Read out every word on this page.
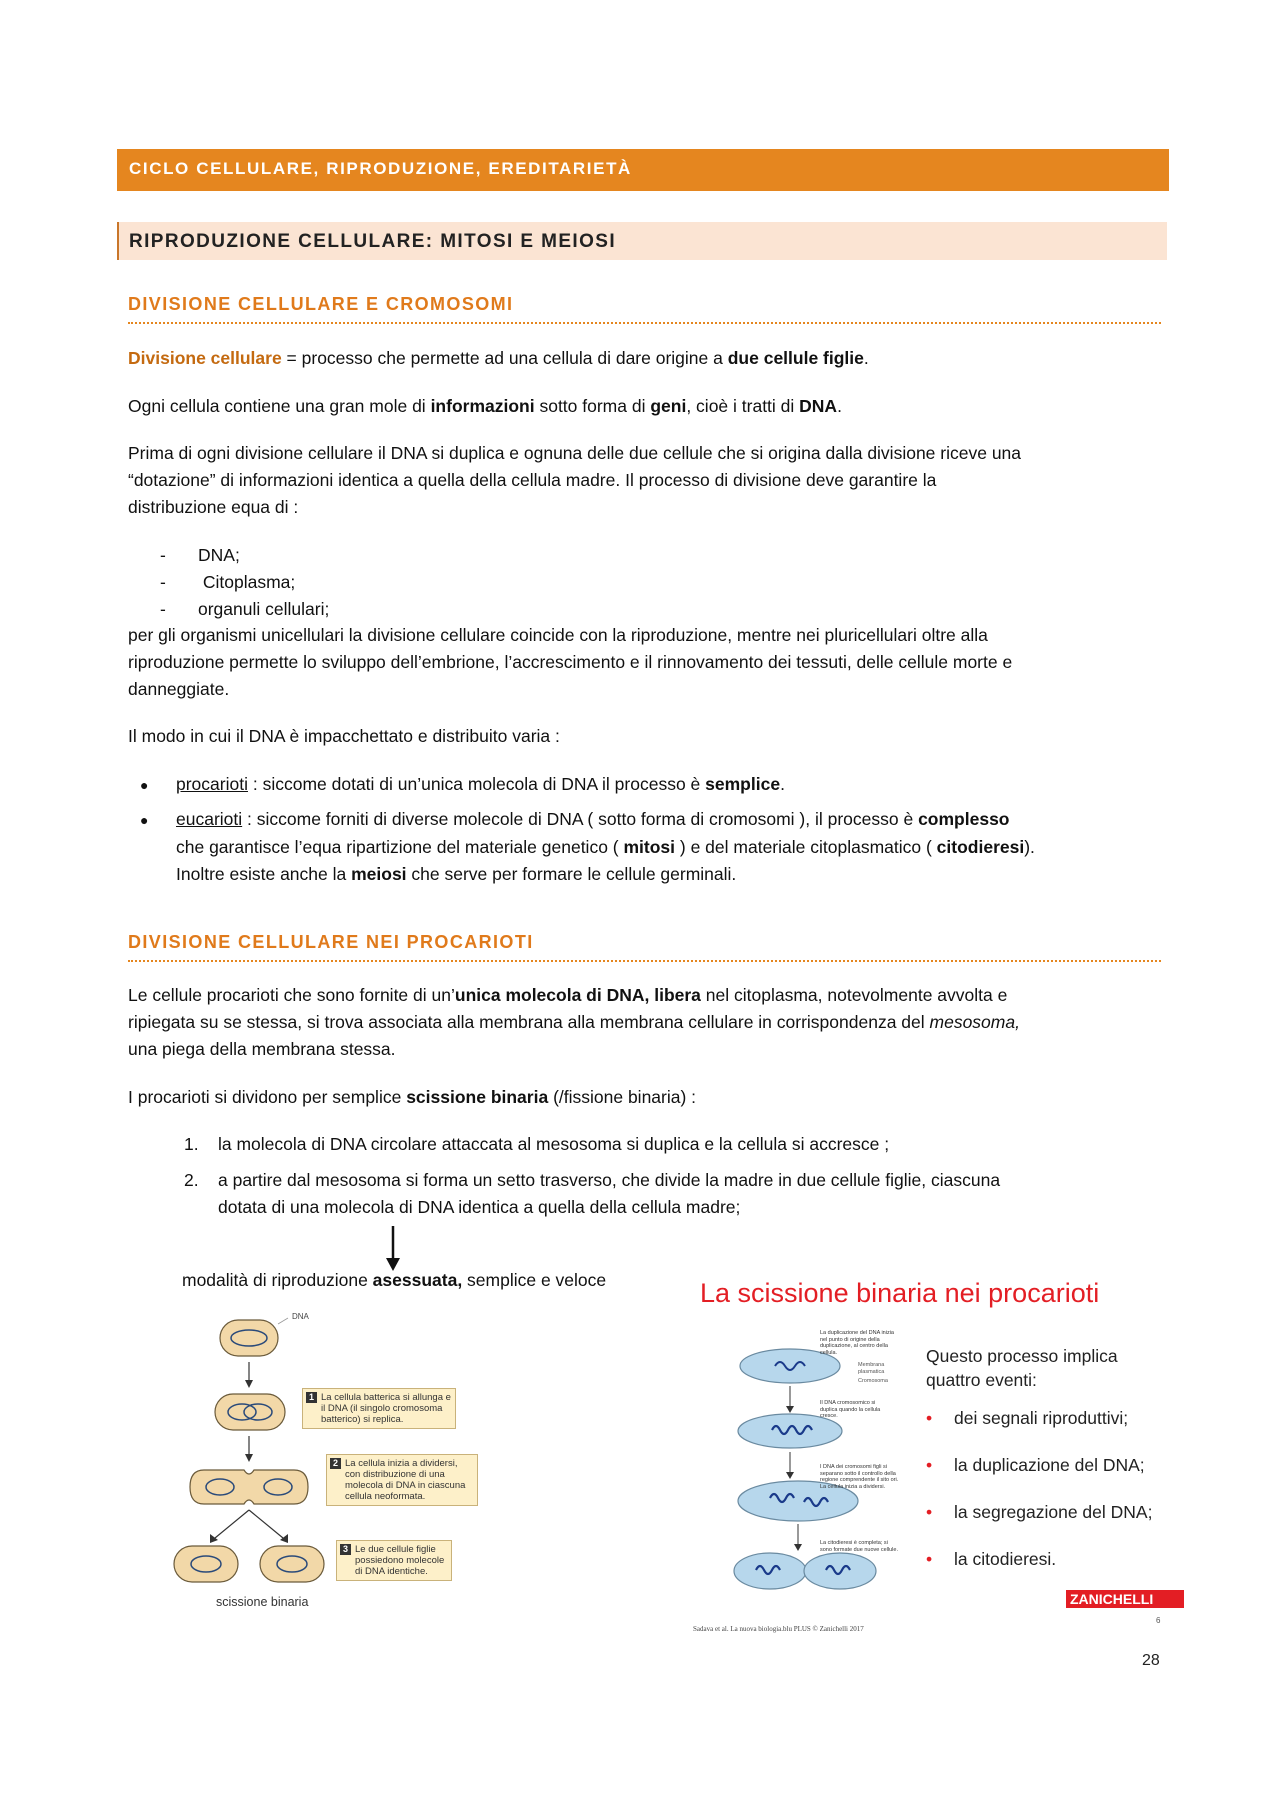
CICLO CELLULARE, RIPRODUZIONE, EREDITARIETÀ
RIPRODUZIONE CELLULARE: MITOSI E MEIOSI
DIVISIONE CELLULARE E CROMOSOMI
Divisione cellulare = processo che permette ad una cellula di dare origine a due cellule figlie.
Ogni cellula contiene una gran mole di informazioni sotto forma di geni, cioè i tratti di DNA.
Prima di ogni divisione cellulare il DNA si duplica e ognuna delle due cellule che si origina dalla divisione riceve una
“dotazione” di informazioni identica a quella della cellula madre. Il processo di divisione deve garantire la
distribuzione equa di :
- DNA;
- Citoplasma;
- organuli cellulari;
per gli organismi unicellulari la divisione cellulare coincide con la riproduzione, mentre nei pluricellulari oltre alla
riproduzione permette lo sviluppo dell’embrione, l’accrescimento e il rinnovamento dei tessuti, delle cellule morte e
danneggiate.
Il modo in cui il DNA è impacchettato e distribuito varia :
● procarioti : siccome dotati di un’unica molecola di DNA il processo è semplice.
● eucarioti : siccome forniti di diverse molecole di DNA ( sotto forma di cromosomi ), il processo è complesso
che garantisce l’equa ripartizione del materiale genetico ( mitosi ) e del materiale citoplasmatico ( citodieresi).
Inoltre esiste anche la meiosi che serve per formare le cellule germinali.
DIVISIONE CELLULARE NEI PROCARIOTI
Le cellule procarioti che sono fornite di un’unica molecola di DNA, libera nel citoplasma, notevolmente avvolta e
ripiegata su se stessa, si trova associata alla membrana alla membrana cellulare in corrispondenza del mesosoma,
una piega della membrana stessa.
I procarioti si dividono per semplice scissione binaria (/fissione binaria) :
1. la molecola di DNA circolare attaccata al mesosoma si duplica e la cellula si accresce ;
2. a partire dal mesosoma si forma un setto trasverso, che divide la madre in due cellule figlie, ciascuna
dotata di una molecola di DNA identica a quella della cellula madre;
modalità di riproduzione asessuata, semplice e veloce
DNA
1 La cellula batterica si allunga e il DNA (il singolo cromosoma batterico) si replica.
2 La cellula inizia a dividersi, con distribuzione di una molecola di DNA in ciascuna cellula neoformata.
3 Le due cellule figlie possiedono molecole di DNA identiche.
scissione binaria
La scissione binaria nei procarioti
La duplicazione del DNA inizia nel punto di origine della duplicazione, al centro della cellula.
Membrana plasmatica
Cromosoma
Il DNA cromosomico si duplica quando la cellula cresce.
I DNA dei cromosomi figli si separano sotto il controllo della regione comprendente il sito ori. La cellula inizia a dividersi.
La citodieresi è completa; si sono formate due nuove cellule.
Questo processo implica
quattro eventi:
• dei segnali riproduttivi;
• la duplicazione del DNA;
• la segregazione del DNA;
• la citodieresi.
ZANICHELLI
6
Sadava et al. La nuova biologia.blu PLUS © Zanichelli 2017
28
